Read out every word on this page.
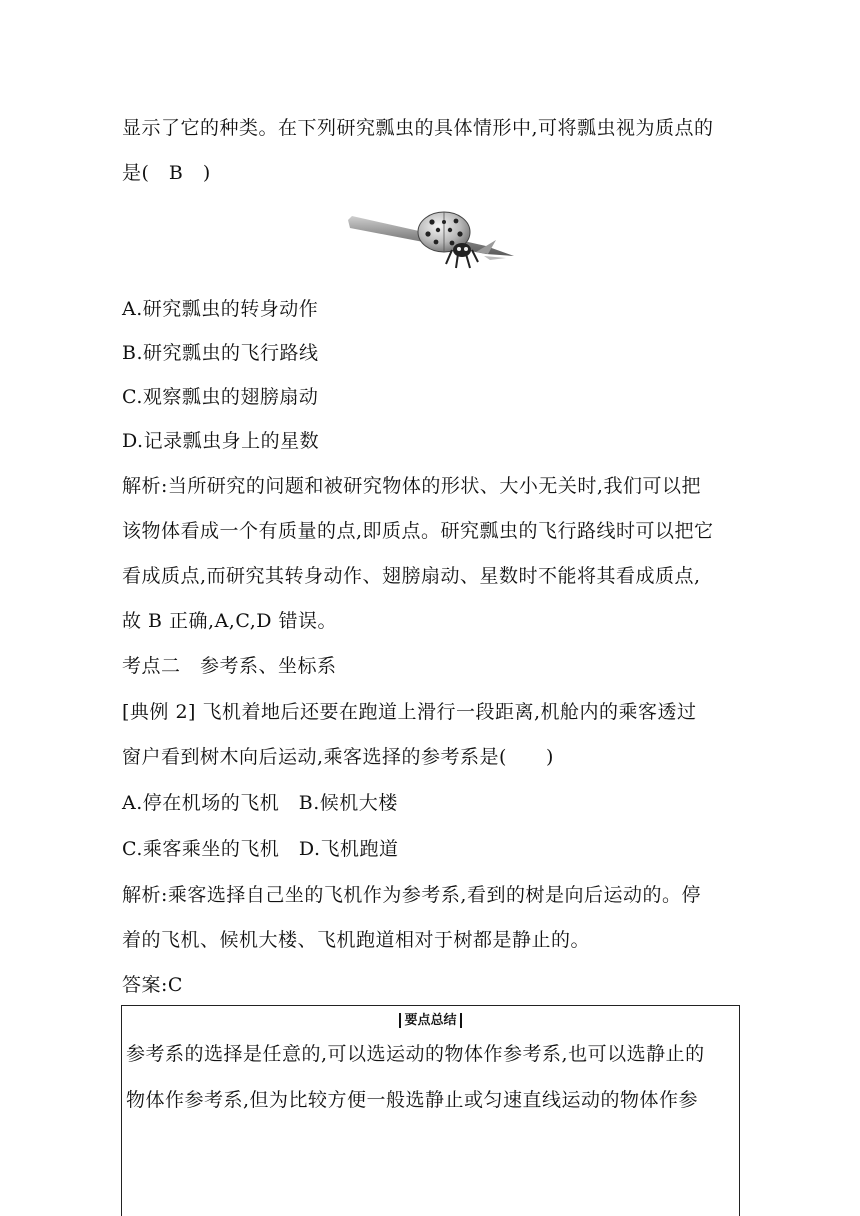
显示了它的种类。在下列研究瓢虫的具体情形中,可将瓢虫视为质点的
是(　B　)
A.研究瓢虫的转身动作
B.研究瓢虫的飞行路线
C.观察瓢虫的翅膀扇动
D.记录瓢虫身上的星数
解析:当所研究的问题和被研究物体的形状、大小无关时,我们可以把
该物体看成一个有质量的点,即质点。研究瓢虫的飞行路线时可以把它
看成质点,而研究其转身动作、翅膀扇动、星数时不能将其看成质点,
故 B 正确,A,C,D 错误。
考点二　参考系、坐标系
[典例 2] 飞机着地后还要在跑道上滑行一段距离,机舱内的乘客透过
窗户看到树木向后运动,乘客选择的参考系是(　　)
A.停在机场的飞机　B.候机大楼
C.乘客乘坐的飞机　D.飞机跑道
解析:乘客选择自己坐的飞机作为参考系,看到的树是向后运动的。停
着的飞机、候机大楼、飞机跑道相对于树都是静止的。
答案:C
要点总结
参考系的选择是任意的,可以选运动的物体作参考系,也可以选静止的
物体作参考系,但为比较方便一般选静止或匀速直线运动的物体作参
